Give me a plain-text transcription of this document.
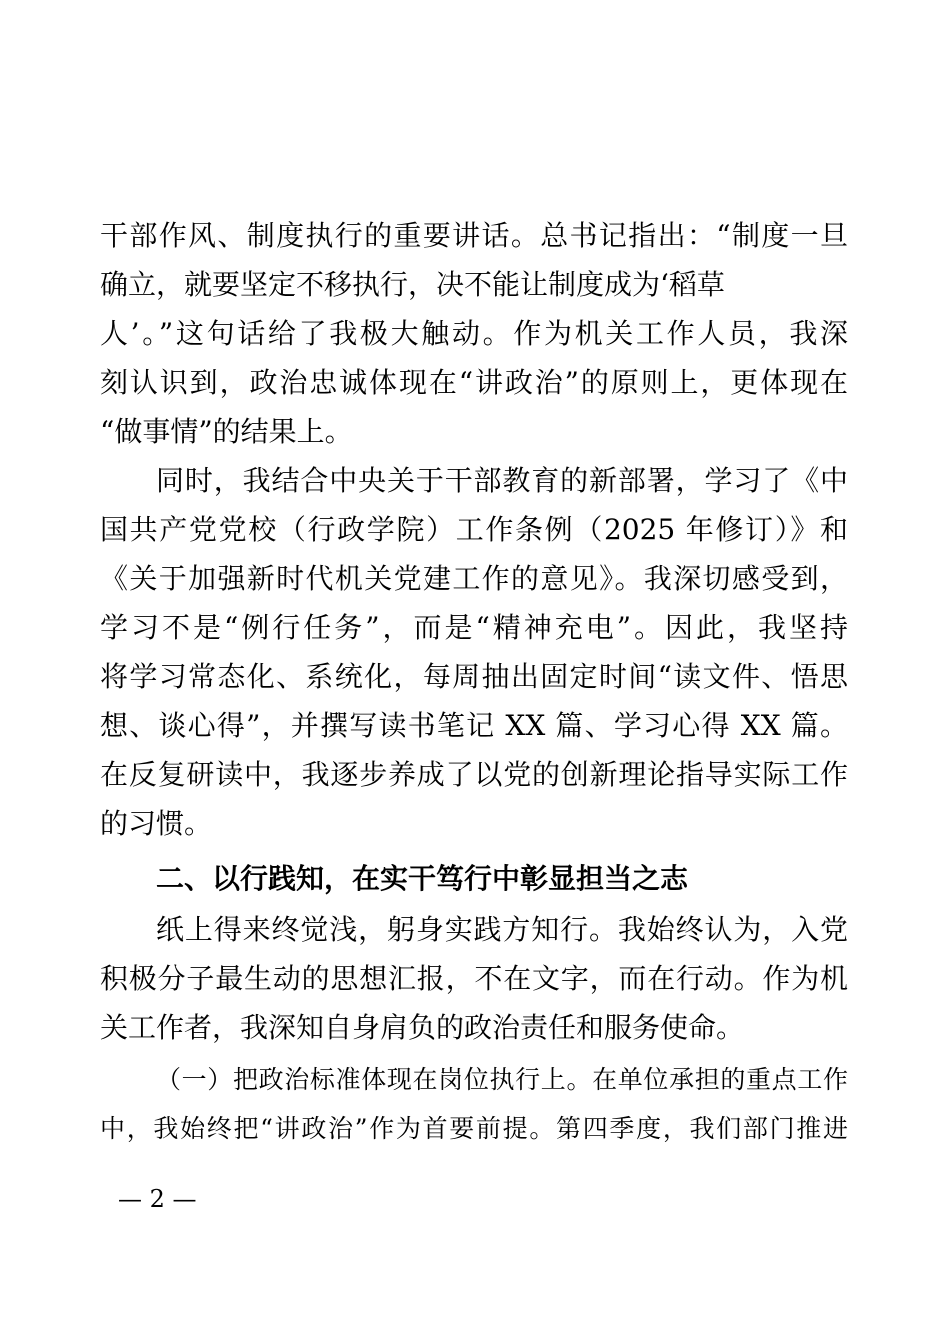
干部作风、制度执行的重要讲话。总书记指出：“制度一旦
确立，就要坚定不移执行，决不能让制度成为‘稻草
人’。”这句话给了我极大触动。作为机关工作人员，我深
刻认识到，政治忠诚体现在“讲政治”的原则上，更体现在
“做事情”的结果上。
同时，我结合中央关于干部教育的新部署，学习了《中
国共产党党校（行政学院）工作条例（2025 年修订）》和
《关于加强新时代机关党建工作的意见》。我深切感受到，
学习不是“例行任务”，而是“精神充电”。因此，我坚持
将学习常态化、系统化，每周抽出固定时间“读文件、悟思
想、谈心得”，并撰写读书笔记 XX 篇、学习心得 XX 篇。
在反复研读中，我逐步养成了以党的创新理论指导实际工作
的习惯。
二、以行践知，在实干笃行中彰显担当之志
纸上得来终觉浅，躬身实践方知行。我始终认为，入党
积极分子最生动的思想汇报，不在文字，而在行动。作为机
关工作者，我深知自身肩负的政治责任和服务使命。
（一）把政治标准体现在岗位执行上。在单位承担的重点工作
中，我始终把“讲政治”作为首要前提。第四季度，我们部门推进
— 2 —
